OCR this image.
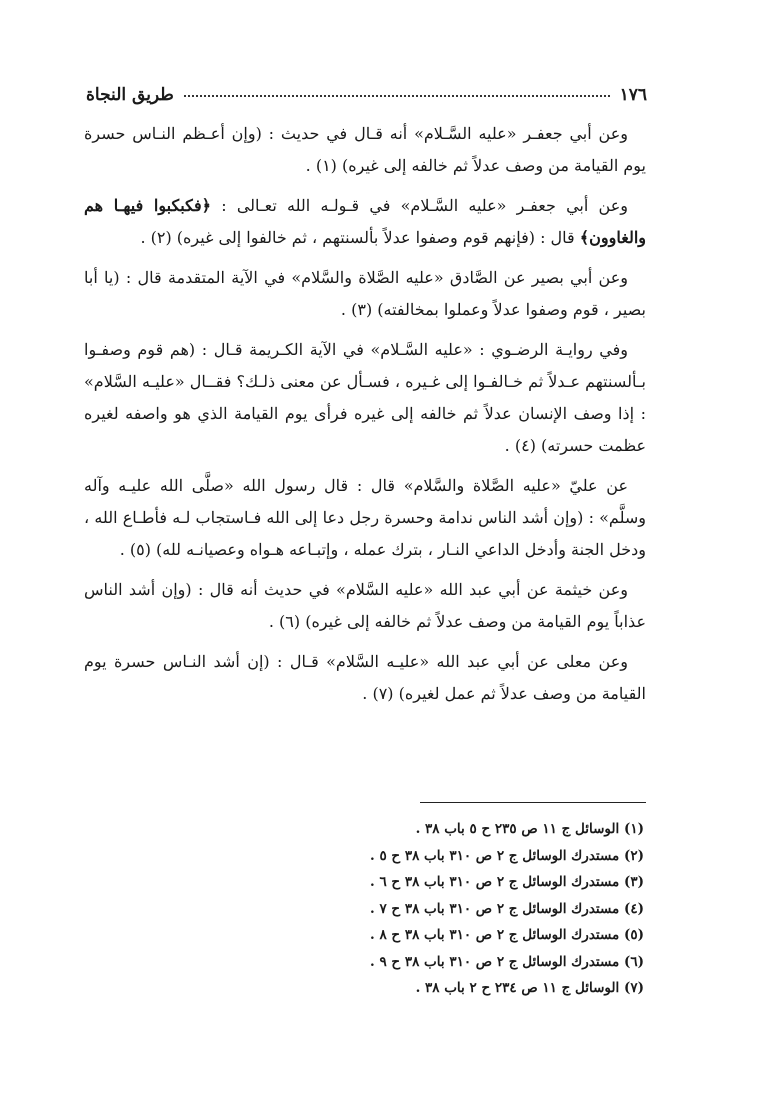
١٧٦
طريق النجاة

وعن أبي جعفـر «عليه السَّـلام» أنه قـال في حديث : (وإن أعـظم النـاس حسرة يوم القيامة من وصف عدلاً ثم خالفه إلى غيره) (١) .

وعن أبي جعفـر «عليه السَّـلام» في قـولـه الله تعـالى : ﴿فكبكبوا فيهـا هم والغاوون﴾ قال : (فإنهم قوم وصفوا عدلاً بألسنتهم ، ثم خالفوا إلى غيره) (٢) .

وعن أبي بصير عن الصَّادق «عليه الصَّلاة والسَّلام» في الآية المتقدمة قال : (يا أبا بصير ، قوم وصفوا عدلاً وعملوا بمخالفته) (٣) .

وفي روايـة الرضـوي : «عليه السَّـلام» في الآية الكـريمة قـال : (هم قوم وصفـوا بـألسنتهم عـدلاً ثم خـالفـوا إلى غـيره ، فسـأل عن معنى ذلـك؟ فقــال «عليـه السَّلام» : إذا وصف الإنسان عدلاً ثم خالفه إلى غيره فرأى يوم القيامة الذي هو واصفه لغيره عظمت حسرته) (٤) .

عن عليّ «عليه الصَّلاة والسَّلام» قال : قال رسول الله «صلَّى الله عليـه وآله وسلَّم» : (وإن أشد الناس ندامة وحسرة رجل دعا إلى الله فـاستجاب لـه فأطـاع الله ، ودخل الجنة وأدخل الداعي النـار ، بترك عمله ، وإتبـاعه هـواه وعصيانـه لله) (٥) .

وعن خيثمة عن أبي عبد الله «عليه السَّلام» في حديث أنه قال : (وإن أشد الناس عذاباً يوم القيامة من وصف عدلاً ثم خالفه إلى غيره) (٦) .

وعن معلى عن أبي عبد الله «عليـه السَّلام» قـال : (إن أشد النـاس حسرة يوم القيامة من وصف عدلاً ثم عمل لغيره) (٧) .

(١) الوسائل ج ١١ ص ٢٣٥ ح ٥ باب ٣٨ .
(٢) مستدرك الوسائل ج ٢ ص ٣١٠ باب ٣٨ ح ٥ .
(٣) مستدرك الوسائل ج ٢ ص ٣١٠ باب ٣٨ ح ٦ .
(٤) مستدرك الوسائل ج ٢ ص ٣١٠ باب ٣٨ ح ٧ .
(٥) مستدرك الوسائل ج ٢ ص ٣١٠ باب ٣٨ ح ٨ .
(٦) مستدرك الوسائل ج ٢ ص ٣١٠ باب ٣٨ ح ٩ .
(٧) الوسائل ج ١١ ص ٢٣٤ ح ٢ باب ٣٨ .
